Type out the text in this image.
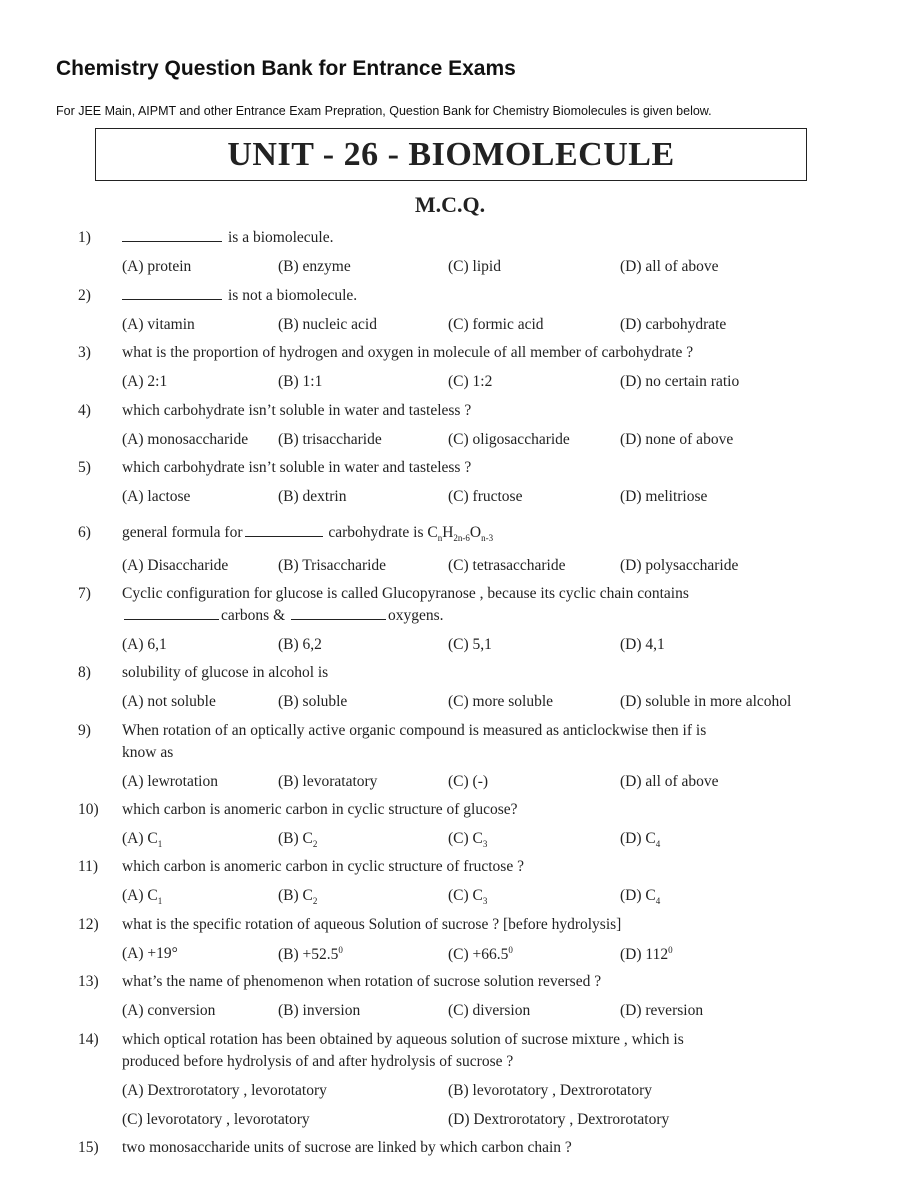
Chemistry Question Bank for Entrance Exams
For JEE Main, AIPMT and other Entrance Exam Prepration, Question Bank for Chemistry Biomolecules is given below.
UNIT - 26 - BIOMOLECULE
M.C.Q.
1)	is a biomolecule.
(A) protein	(B) enzyme	(C) lipid	(D) all of above
2)	is not a biomolecule.
(A) vitamin	(B) nucleic acid	(C) formic acid	(D) carbohydrate
3) what is the proportion of hydrogen and oxygen in molecule of all member of carbohydrate ?
(A) 2:1	(B) 1:1	(C) 1:2	(D) no certain ratio
4) which carbohydrate isn’t soluble in water and tasteless ?
(A) monosaccharide (B) trisaccharide	(C) oligosaccharide	(D) none of above
5) which carbohydrate isn’t soluble in water and tasteless ?
(A) lactose	(B) dextrin	(C) fructose	(D) melitriose
6) general formula for	carbohydrate is $C_nH_{2n-6}O_{n-3}$
(A) Disaccharide	(B) Trisaccharide	(C) tetrasaccharide	(D) polysaccharide
7) Cyclic configuration for glucose is called Glucopyranose , because its cyclic chain contains
carbons &	oxygens.
(A) 6,1	(B) 6,2	(C) 5,1	(D) 4,1
8) solubility of glucose in alcohol is
(A) not soluble	(B) soluble	(C) more soluble	(D) soluble in more alcohol
9) When rotation of an optically active organic compound is measured as anticlockwise then if is
know as
(A) lewrotation	(B) levoratatory	(C) (-)	(D) all of above
10) which carbon is anomeric carbon in cyclic structure of glucose?
(A) $C_1$	(B) $C_2$	(C) $C_3$	(D) $C_4$
11) which carbon is anomeric carbon in cyclic structure of fructose ?
(A) $C_1$	(B) $C_2$	(C) $C_3$	(D) $C_4$
12) what is the specific rotation of aqueous Solution of sucrose ? [before hydrolysis]
(A) +19°	$(B) +52.5^0$	$(C) +66.5^0$	(D) $112^0$
13) what’s the name of phenomenon when rotation of sucrose solution reversed ?
(A) conversion	(B) inversion	(C) diversion	(D) reversion
14) which optical rotation has been obtained by aqueous solution of sucrose mixture , which is
produced before hydrolysis of and after hydrolysis of sucrose ?
(A) Dextrorotatory , levorotatory	(B) levorotatory , Dextrorotatory
(C) levorotatory , levorotatory	(D) Dextrorotatory , Dextrorotatory
15) two monosaccharide units of sucrose are linked by which carbon chain ?
